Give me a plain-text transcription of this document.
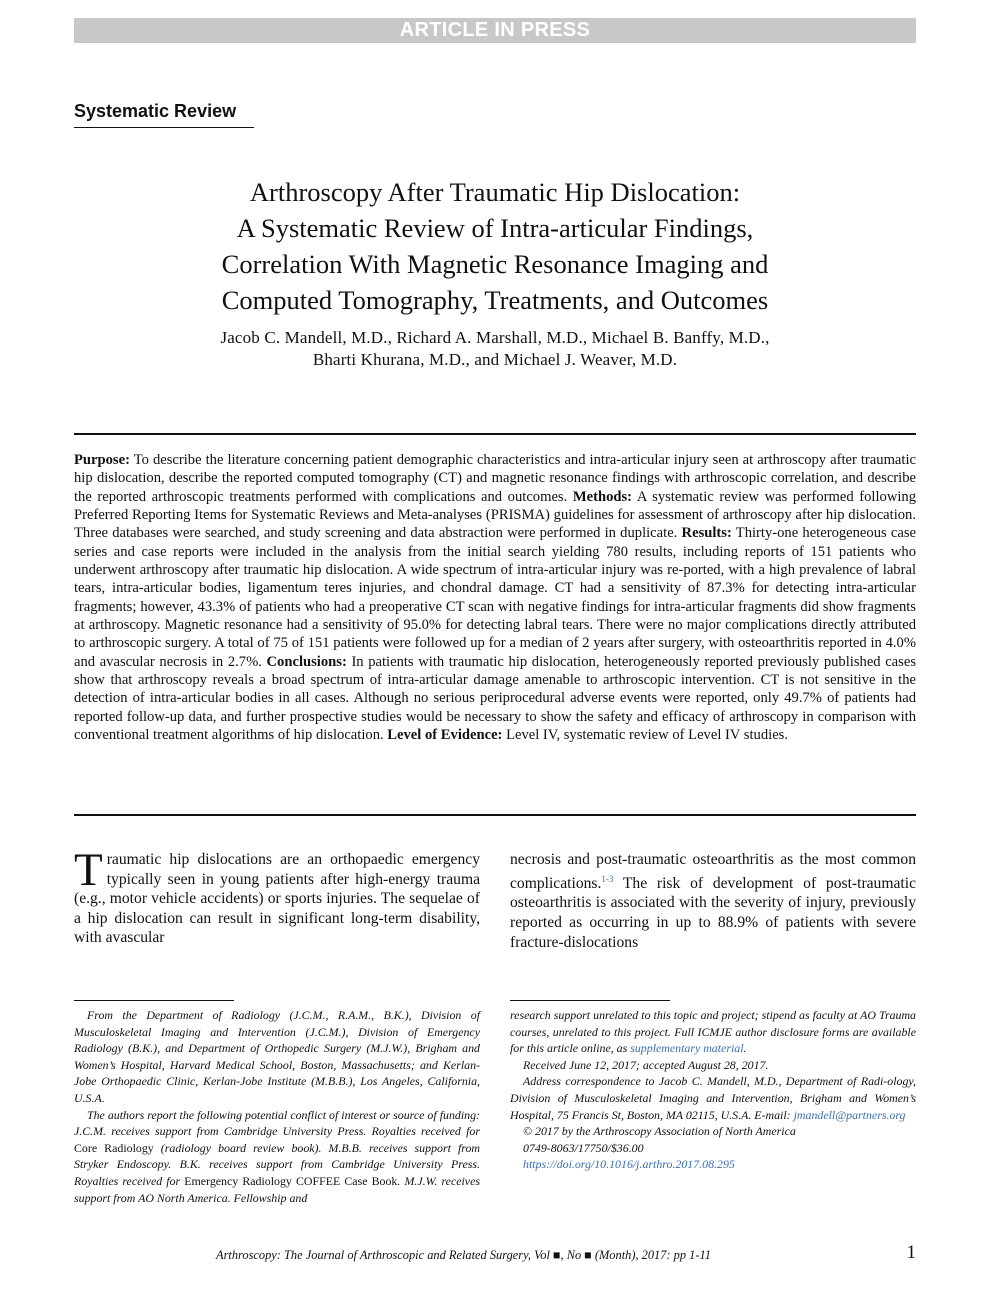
ARTICLE IN PRESS
Systematic Review
Arthroscopy After Traumatic Hip Dislocation:
A Systematic Review of Intra-articular Findings,
Correlation With Magnetic Resonance Imaging and
Computed Tomography, Treatments, and Outcomes
Jacob C. Mandell, M.D., Richard A. Marshall, M.D., Michael B. Banffy, M.D.,
Bharti Khurana, M.D., and Michael J. Weaver, M.D.
Purpose: To describe the literature concerning patient demographic characteristics and intra-articular injury seen at arthroscopy after traumatic hip dislocation, describe the reported computed tomography (CT) and magnetic resonance findings with arthroscopic correlation, and describe the reported arthroscopic treatments performed with complications and outcomes. Methods: A systematic review was performed following Preferred Reporting Items for Systematic Reviews and Meta-analyses (PRISMA) guidelines for assessment of arthroscopy after hip dislocation. Three databases were searched, and study screening and data abstraction were performed in duplicate. Results: Thirty-one heterogeneous case series and case reports were included in the analysis from the initial search yielding 780 results, including reports of 151 patients who underwent arthroscopy after traumatic hip dislocation. A wide spectrum of intra-articular injury was re-ported, with a high prevalence of labral tears, intra-articular bodies, ligamentum teres injuries, and chondral damage. CT had a sensitivity of 87.3% for detecting intra-articular fragments; however, 43.3% of patients who had a preoperative CT scan with negative findings for intra-articular fragments did show fragments at arthroscopy. Magnetic resonance had a sensitivity of 95.0% for detecting labral tears. There were no major complications directly attributed to arthroscopic surgery. A total of 75 of 151 patients were followed up for a median of 2 years after surgery, with osteoarthritis reported in 4.0% and avascular necrosis in 2.7%. Conclusions: In patients with traumatic hip dislocation, heterogeneously reported previously published cases show that arthroscopy reveals a broad spectrum of intra-articular damage amenable to arthroscopic intervention. CT is not sensitive in the detection of intra-articular bodies in all cases. Although no serious periprocedural adverse events were reported, only 49.7% of patients had reported follow-up data, and further prospective studies would be necessary to show the safety and efficacy of arthroscopy in comparison with conventional treatment algorithms of hip dislocation. Level of Evidence: Level IV, systematic review of Level IV studies.
Traumatic hip dislocations are an orthopaedic emergency typically seen in young patients after high-energy trauma (e.g., motor vehicle accidents) or sports injuries. The sequelae of a hip dislocation can result in significant long-term disability, with avascular
necrosis and post-traumatic osteoarthritis as the most common complications.$^{1-3}$ The risk of development of post-traumatic osteoarthritis is associated with the severity of injury, previously reported as occurring in up to 88.9% of patients with severe fracture-dislocations

From the Department of Radiology (J.C.M., R.A.M., B.K.), Division of Musculoskeletal Imaging and Intervention (J.C.M.), Division of Emergency Radiology (B.K.), and Department of Orthopedic Surgery (M.J.W.), Brigham and Women’s Hospital, Harvard Medical School, Boston, Massachusetts; and Kerlan-Jobe Orthopaedic Clinic, Kerlan-Jobe Institute (M.B.B.), Los Angeles, California, U.S.A.

The authors report the following potential conflict of interest or source of funding: J.C.M. receives support from Cambridge University Press. Royalties received for Core Radiology (radiology board review book). M.B.B. receives support from Stryker Endoscopy. B.K. receives support from Cambridge University Press. Royalties received for Emergency Radiology COFFEE Case Book. M.J.W. receives support from AO North America. Fellowship and

research support unrelated to this topic and project; stipend as faculty at AO Trauma courses, unrelated to this project. Full ICMJE author disclosure forms are available for this article online, as supplementary material.

Received June 12, 2017; accepted August 28, 2017.

Address correspondence to Jacob C. Mandell, M.D., Department of Radi-ology, Division of Musculoskeletal Imaging and Intervention, Brigham and Women’s Hospital, 75 Francis St, Boston, MA 02115, U.S.A. E-mail: jmandell@partners.org

© 2017 by the Arthroscopy Association of North America

0749-8063/17750/$36.00

https://doi.org/10.1016/j.arthro.2017.08.295

Arthroscopy: The Journal of Arthroscopic and Related Surgery, Vol ■, No ■ (Month), 2017: pp 1-11	1
